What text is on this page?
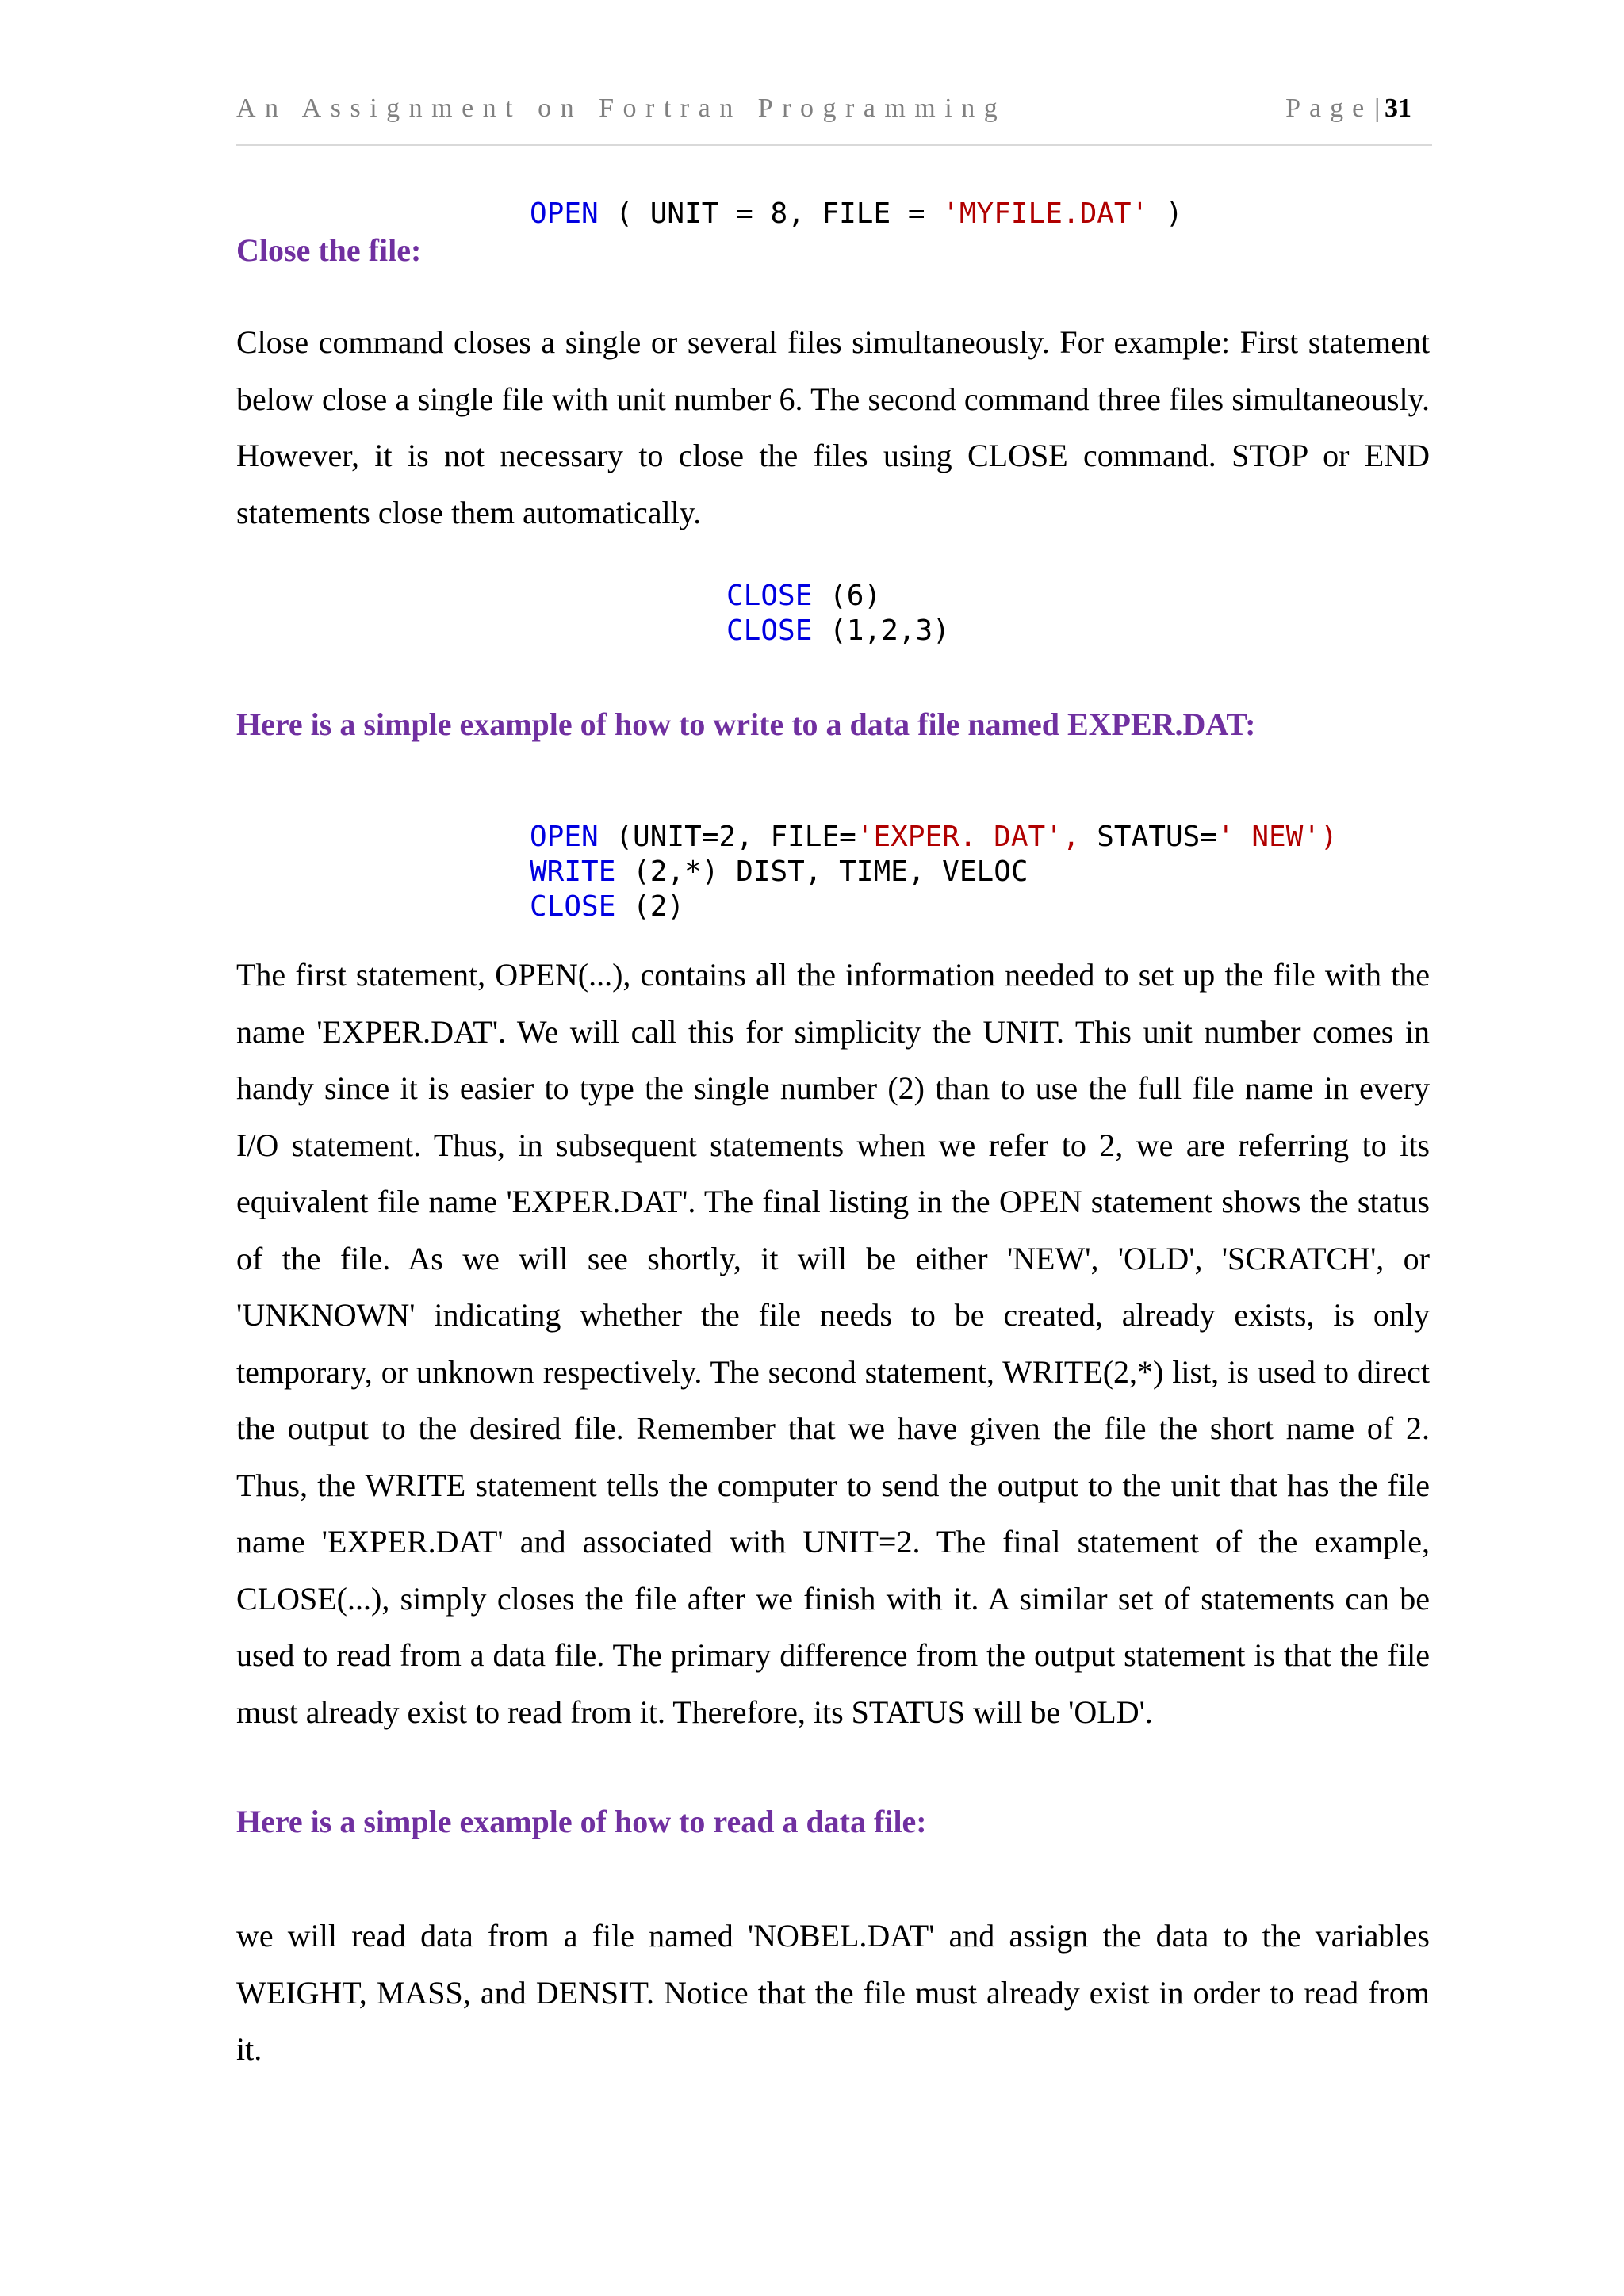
An Assignment on Fortran Programming	Page| 31
OPEN ( UNIT = 8, FILE = 'MYFILE.DAT' )
Close the file:
Close command closes a single or several files simultaneously. For example: First statement below close a single file with unit number 6. The second command three files simultaneously. However, it is not necessary to close the files using CLOSE command. STOP or END statements close them automatically.
CLOSE (6)
CLOSE (1,2,3)
Here is a simple example of how to write to a data file named EXPER.DAT:
OPEN (UNIT=2, FILE='EXPER. DAT', STATUS=' NEW')
WRITE (2,*) DIST, TIME, VELOC
CLOSE (2)
The first statement, OPEN(...), contains all the information needed to set up the file with the name 'EXPER.DAT'. We will call this for simplicity the UNIT. This unit number comes in handy since it is easier to type the single number (2) than to use the full file name in every I/O statement. Thus, in subsequent statements when we refer to 2, we are referring to its equivalent file name 'EXPER.DAT'. The final listing in the OPEN statement shows the status of the file. As we will see shortly, it will be either 'NEW', 'OLD', 'SCRATCH', or 'UNKNOWN' indicating whether the file needs to be created, already exists, is only temporary, or unknown respectively. The second statement, WRITE(2,*) list, is used to direct the output to the desired file. Remember that we have given the file the short name of 2. Thus, the WRITE statement tells the computer to send the output to the unit that has the file name 'EXPER.DAT' and associated with UNIT=2. The final statement of the example, CLOSE(...), simply closes the file after we finish with it. A similar set of statements can be used to read from a data file. The primary difference from the output statement is that the file must already exist to read from it. Therefore, its STATUS will be 'OLD'.
Here is a simple example of how to read a data file:
we will read data from a file named 'NOBEL.DAT' and assign the data to the variables WEIGHT, MASS, and DENSIT. Notice that the file must already exist in order to read from it.
